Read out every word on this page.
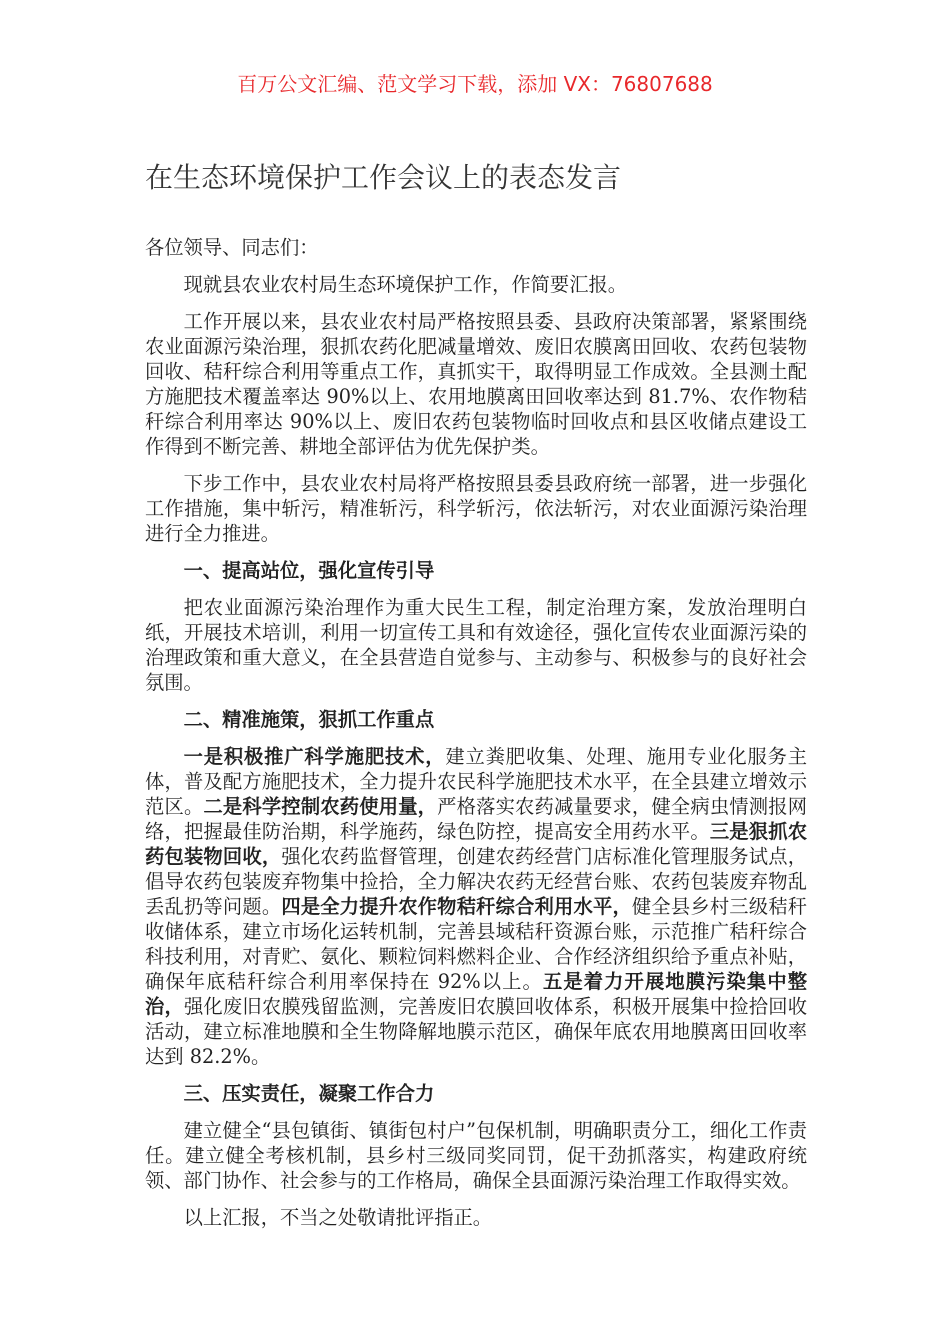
百万公文汇编、范文学习下载，添加 VX：76807688
在生态环境保护工作会议上的表态发言

各位领导、同志们：

现就县农业农村局生态环境保护工作，作简要汇报。

工作开展以来，县农业农村局严格按照县委、县政府决策部署，紧紧围绕农业面源污染治理，狠抓农药化肥减量增效、废旧农膜离田回收、农药包装物回收、秸秆综合利用等重点工作，真抓实干，取得明显工作成效。全县测土配方施肥技术覆盖率达 90%以上、农用地膜离田回收率达到 81.7%、农作物秸秆综合利用率达 90%以上、废旧农药包装物临时回收点和县区收储点建设工作得到不断完善、耕地全部评估为优先保护类。

下步工作中，县农业农村局将严格按照县委县政府统一部署，进一步强化工作措施，集中斩污，精准斩污，科学斩污，依法斩污，对农业面源污染治理进行全力推进。

一、提高站位，强化宣传引导

把农业面源污染治理作为重大民生工程，制定治理方案，发放治理明白纸，开展技术培训，利用一切宣传工具和有效途径，强化宣传农业面源污染的治理政策和重大意义，在全县营造自觉参与、主动参与、积极参与的良好社会氛围。

二、精准施策，狠抓工作重点

一是积极推广科学施肥技术，建立粪肥收集、处理、施用专业化服务主体，普及配方施肥技术，全力提升农民科学施肥技术水平，在全县建立增效示范区。二是科学控制农药使用量，严格落实农药减量要求，健全病虫情测报网络，把握最佳防治期，科学施药，绿色防控，提高安全用药水平。三是狠抓农药包装物回收，强化农药监督管理，创建农药经营门店标准化管理服务试点，倡导农药包装废弃物集中捡拾，全力解决农药无经营台账、农药包装废弃物乱丢乱扔等问题。四是全力提升农作物秸秆综合利用水平，健全县乡村三级秸秆收储体系，建立市场化运转机制，完善县域秸秆资源台账，示范推广秸秆综合科技利用，对青贮、氨化、颗粒饲料燃料企业、合作经济组织给予重点补贴，确保年底秸秆综合利用率保持在 92%以上。五是着力开展地膜污染集中整治，强化废旧农膜残留监测，完善废旧农膜回收体系，积极开展集中捡拾回收活动，建立标准地膜和全生物降解地膜示范区，确保年底农用地膜离田回收率达到 82.2%。

三、压实责任，凝聚工作合力

建立健全“县包镇街、镇街包村户”包保机制，明确职责分工，细化工作责任。建立健全考核机制，县乡村三级同奖同罚，促干劲抓落实，构建政府统领、部门协作、社会参与的工作格局，确保全县面源污染治理工作取得实效。

以上汇报，不当之处敬请批评指正。
